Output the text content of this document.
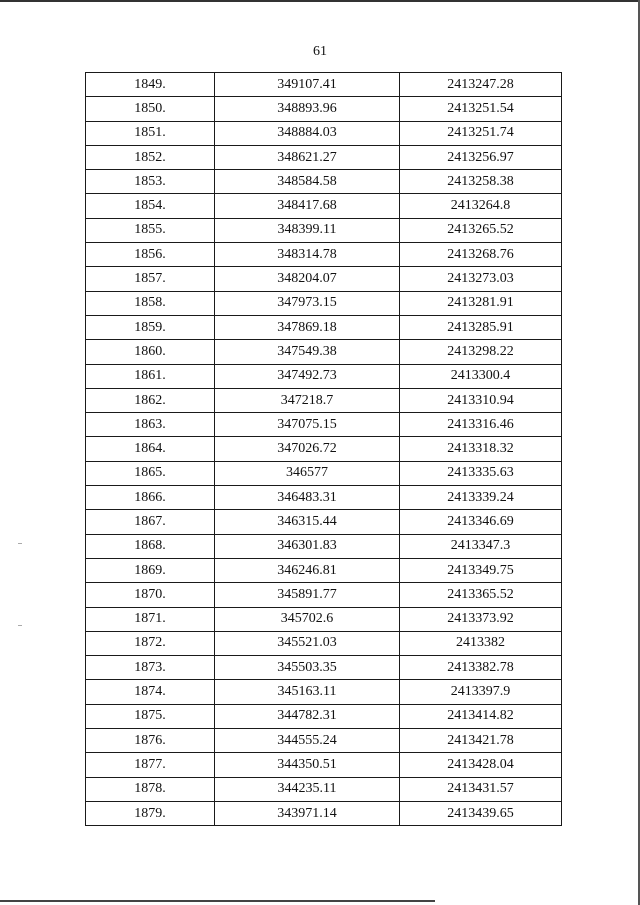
61
1849.	349107.41	2413247.28
1850.	348893.96	2413251.54
1851.	348884.03	2413251.74
1852.	348621.27	2413256.97
1853.	348584.58	2413258.38
1854.	348417.68	2413264.8
1855.	348399.11	2413265.52
1856.	348314.78	2413268.76
1857.	348204.07	2413273.03
1858.	347973.15	2413281.91
1859.	347869.18	2413285.91
1860.	347549.38	2413298.22
1861.	347492.73	2413300.4
1862.	347218.7	2413310.94
1863.	347075.15	2413316.46
1864.	347026.72	2413318.32
1865.	346577	2413335.63
1866.	346483.31	2413339.24
1867.	346315.44	2413346.69
1868.	346301.83	2413347.3
1869.	346246.81	2413349.75
1870.	345891.77	2413365.52
1871.	345702.6	2413373.92
1872.	345521.03	2413382
1873.	345503.35	2413382.78
1874.	345163.11	2413397.9
1875.	344782.31	2413414.82
1876.	344555.24	2413421.78
1877.	344350.51	2413428.04
1878.	344235.11	2413431.57
1879.	343971.14	2413439.65
